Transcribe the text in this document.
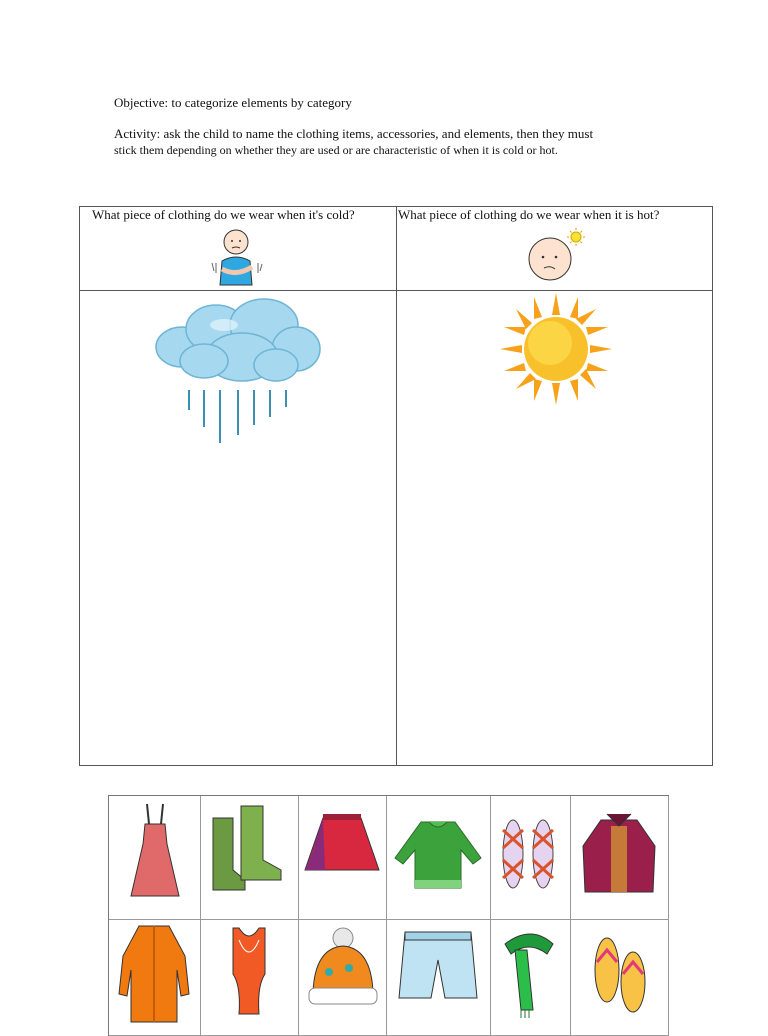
Objective: to categorize elements by category
Activity: ask the child to name the clothing items, accessories, and elements, then they must
stick them depending on whether they are used or are characteristic of when it is cold or hot.
What piece of clothing do we wear when it's cold?	What piece of clothing do we wear when it is hot?
